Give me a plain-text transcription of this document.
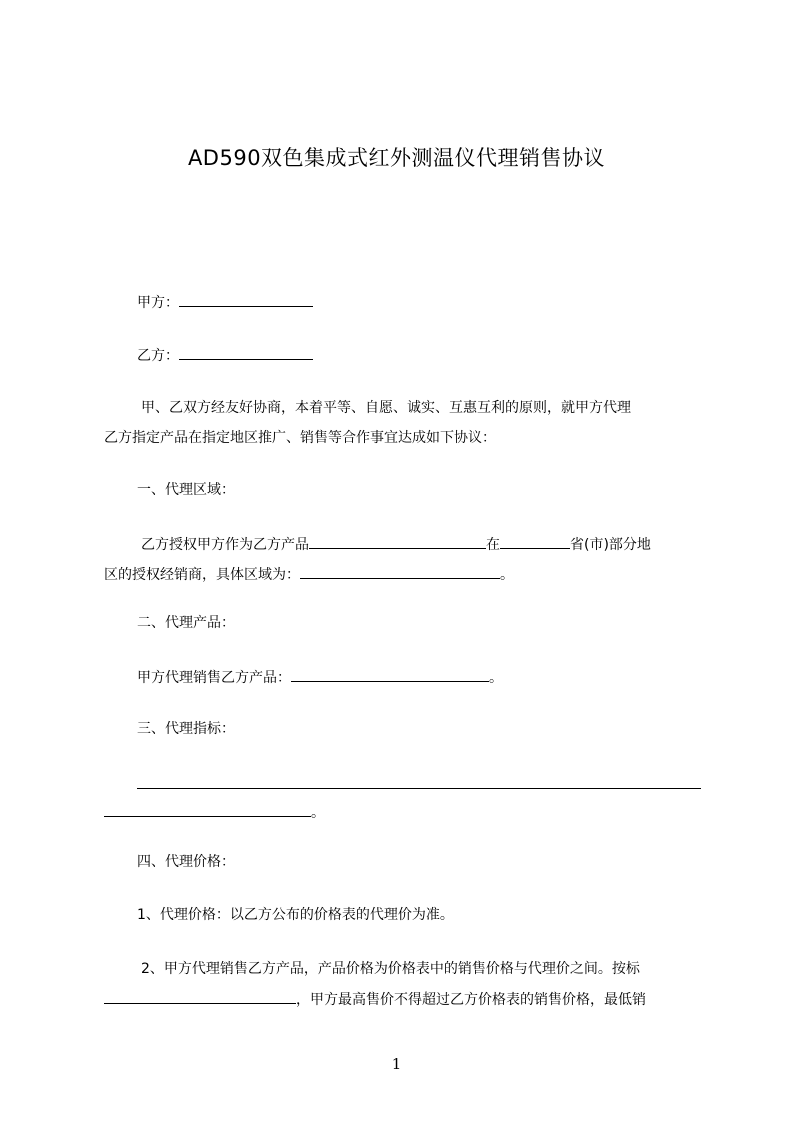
AD590双色集成式红外测温仪代理销售协议
甲方：
乙方：
甲、乙双方经友好协商，本着平等、自愿、诚实、互惠互利的原则，就甲方代理
乙方指定产品在指定地区推广、销售等合作事宜达成如下协议：
一、代理区域：
乙方授权甲方作为乙方产品	在	省(市)部分地
区的授权经销商，具体区域为：	。
二、代理产品：
甲方代理销售乙方产品：	。
三、代理指标：
。
四、代理价格：
1、代理价格：以乙方公布的价格表的代理价为准。
2、甲方代理销售乙方产品，产品价格为价格表中的销售价格与代理价之间。按标
，甲方最高售价不得超过乙方价格表的销售价格，最低销
1
